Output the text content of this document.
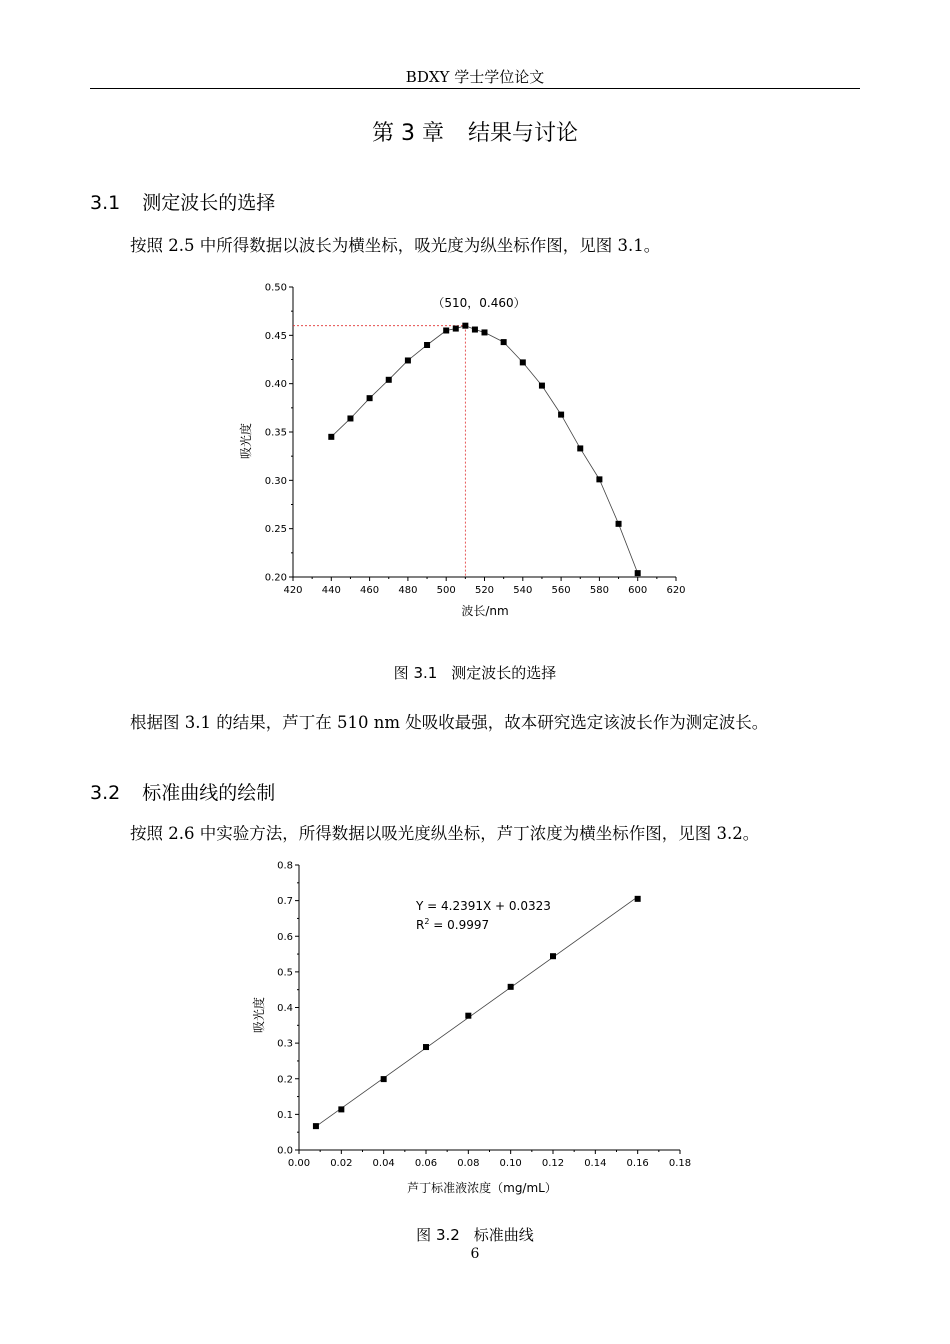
BDXY 学士学位论文
第 3 章 结果与讨论
3.1 测定波长的选择
按照 2.5 中所得数据以波长为横坐标，吸光度为纵坐标作图，见图 3.1。
420 440 460 480 500 520 540 560 580 600 620
0.20
0.25
0.30
0.35
0.40
0.45
0.50
波长/nm
吸光度
（510，0.460）
图 3.1 测定波长的选择
根据图 3.1 的结果，芦丁在 510 nm 处吸收最强，故本研究选定该波长作为测定波长。
3.2 标准曲线的绘制
按照 2.6 中实验方法，所得数据以吸光度纵坐标，芦丁浓度为横坐标作图，见图 3.2。
0.00 0.02 0.04 0.06 0.08 0.10 0.12 0.14 0.16 0.18
0.0
0.1
0.2
0.3
0.4
0.5
0.6
0.7
0.8
芦丁标准液浓度（mg/mL）
吸光度
Y = 4.2391X + 0.0323
$R^2 = 0.9997$
图 3.2 标准曲线
6
